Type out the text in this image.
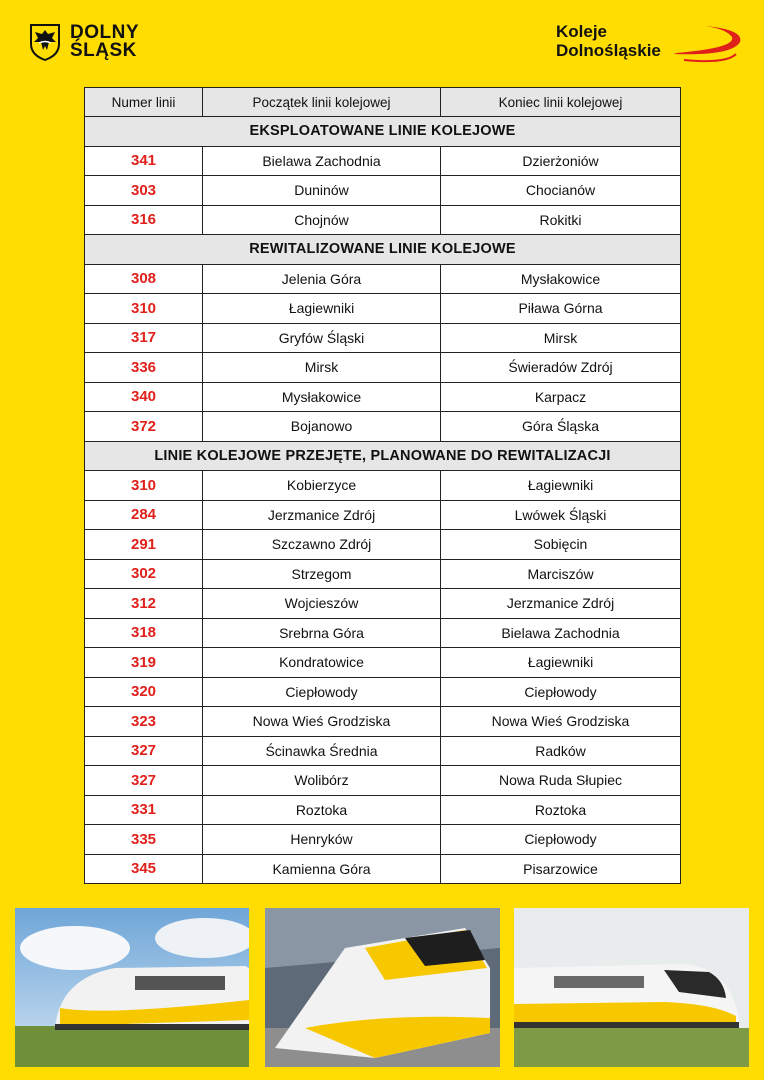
DOLNY
ŚLĄSK
Koleje
Dolnośląskie
Numer linii	Początek linii kolejowej	Koniec linii kolejowej
EKSPLOATOWANE LINIE KOLEJOWE		
341	Bielawa Zachodnia	Dzierżoniów
303	Duninów	Chocianów
316	Chojnów	Rokitki
REWITALIZOWANE LINIE KOLEJOWE		
308	Jelenia Góra	Mysłakowice
310	Łagiewniki	Piława Górna
317	Gryfów Śląski	Mirsk
336	Mirsk	Świeradów Zdrój
340	Mysłakowice	Karpacz
372	Bojanowo	Góra Śląska
LINIE KOLEJOWE PRZEJĘTE, PLANOWANE DO REWITALIZACJI		
310	Kobierzyce	Łagiewniki
284	Jerzmanice Zdrój	Lwówek Śląski
291	Szczawno Zdrój	Sobięcin
302	Strzegom	Marciszów
312	Wojcieszów	Jerzmanice Zdrój
318	Srebrna Góra	Bielawa Zachodnia
319	Kondratowice	Łagiewniki
320	Ciepłowody	Ciepłowody
323	Nowa Wieś Grodziska	Nowa Wieś Grodziska
327	Ścinawka Średnia	Radków
327	Wolibórz	Nowa Ruda Słupiec
331	Roztoka	Roztoka
335	Henryków	Ciepłowody
345	Kamienna Góra	Pisarzowice
